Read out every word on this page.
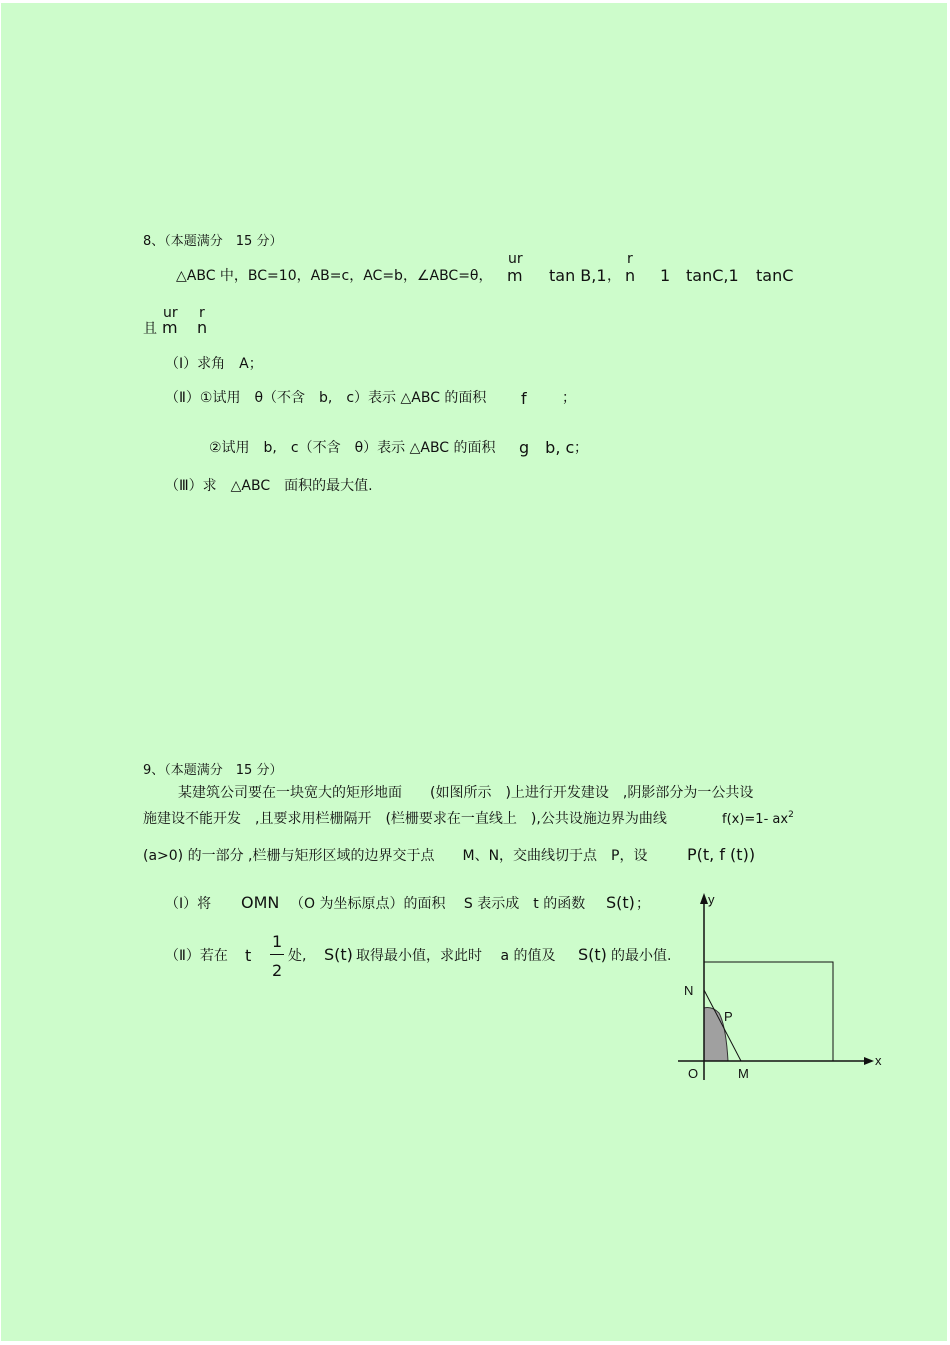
8、（本题满分　15 分）
△ABC 中，BC=10，AB=c，AC=b，∠ABC=θ，
ur
m tan B,1 ，
r
n 1 tanC,1 tanC
且
ur
m
r
n
（Ⅰ）求角　A；
（Ⅱ）①试用　θ（不含　b,　c）表示 △ABC 的面积 f	；
②试用　b,　c（不含　θ）表示 △ABC 的面积 g　b, c ；
（Ⅲ）求　△ABC　面积的最大值.
9、（本题满分　15 分）
某建筑公司要在一块宽大的矩形地面　　(如图所示　)上进行开发建设　,阴影部分为一公共设
施建设不能开发　,且要求用栏栅隔开　(栏栅要求在一直线上　),公共设施边界为曲线	f(x)=1- $ax^2$
(a>0) 的一部分 ,栏栅与矩形区域的边界交于点　　M、N，交曲线切于点　P，设 P(t, f (t))
（Ⅰ）将 OMN （O 为坐标原点）的面积　 S 表示成　t 的函数 S(t) ；
（Ⅱ）若在 t
1
2
处, S(t) 取得最小值，求此时　 a 的值及 S(t) 的最小值.
y
x
N
P
O	M
